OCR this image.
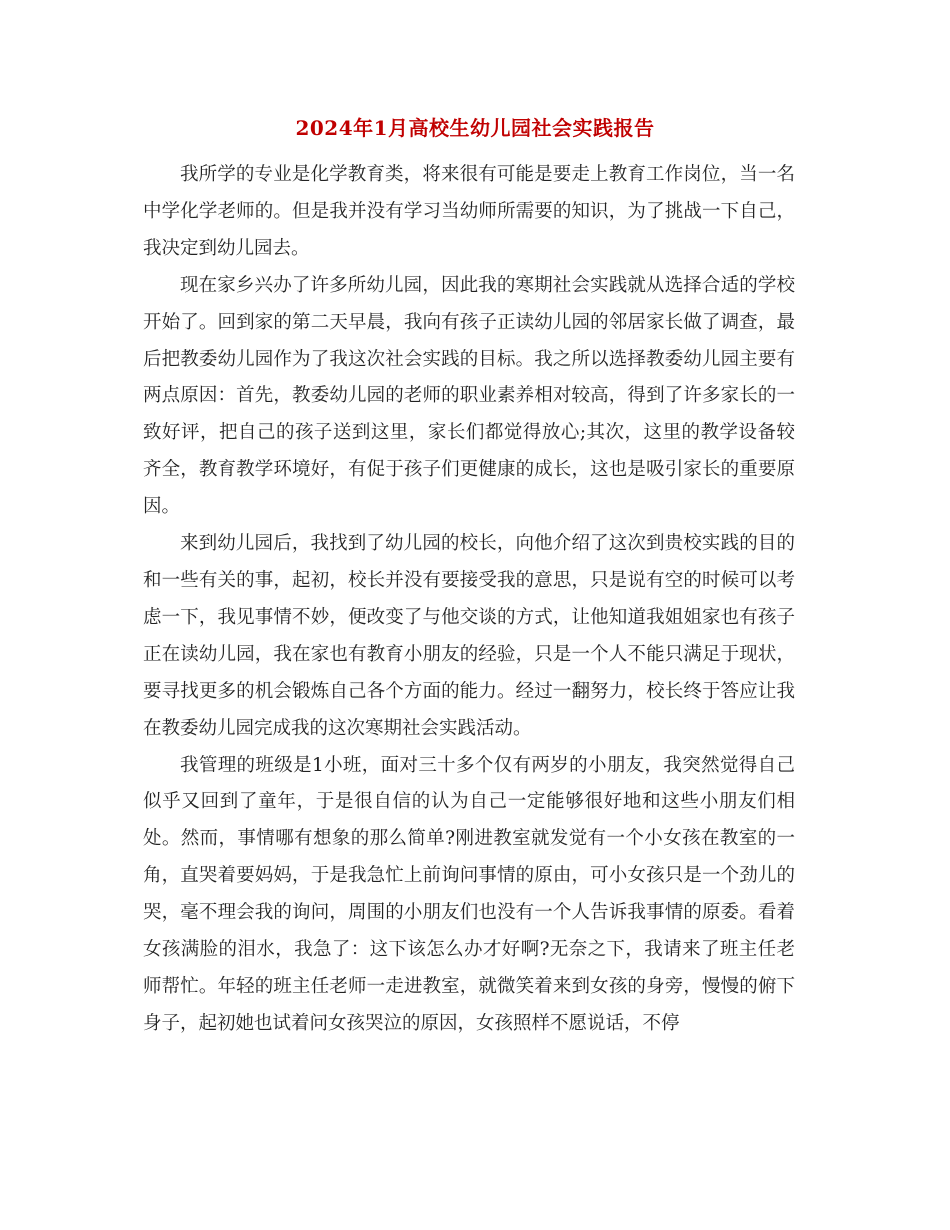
2024年1月高校生幼儿园社会实践报告

我所学的专业是化学教育类，将来很有可能是要走上教育工作岗位，当一名中学化学老师的。但是我并没有学习当幼师所需要的知识，为了挑战一下自己，我决定到幼儿园去。

现在家乡兴办了许多所幼儿园，因此我的寒期社会实践就从选择合适的学校开始了。回到家的第二天早晨，我向有孩子正读幼儿园的邻居家长做了调查，最后把教委幼儿园作为了我这次社会实践的目标。我之所以选择教委幼儿园主要有两点原因：首先，教委幼儿园的老师的职业素养相对较高，得到了许多家长的一致好评，把自己的孩子送到这里，家长们都觉得放心;其次，这里的教学设备较齐全，教育教学环境好，有促于孩子们更健康的成长，这也是吸引家长的重要原因。

来到幼儿园后，我找到了幼儿园的校长，向他介绍了这次到贵校实践的目的和一些有关的事，起初，校长并没有要接受我的意思，只是说有空的时候可以考虑一下，我见事情不妙，便改变了与他交谈的方式，让他知道我姐姐家也有孩子正在读幼儿园，我在家也有教育小朋友的经验，只是一个人不能只满足于现状，要寻找更多的机会锻炼自己各个方面的能力。经过一翻努力，校长终于答应让我在教委幼儿园完成我的这次寒期社会实践活动。

我管理的班级是1小班，面对三十多个仅有两岁的小朋友，我突然觉得自己似乎又回到了童年，于是很自信的认为自己一定能够很好地和这些小朋友们相处。然而，事情哪有想象的那么简单?刚进教室就发觉有一个小女孩在教室的一角，直哭着要妈妈，于是我急忙上前询问事情的原由，可小女孩只是一个劲儿的哭，毫不理会我的询问，周围的小朋友们也没有一个人告诉我事情的原委。看着女孩满脸的泪水，我急了：这下该怎么办才好啊?无奈之下，我请来了班主任老师帮忙。年轻的班主任老师一走进教室，就微笑着来到女孩的身旁，慢慢的俯下身子，起初她也试着问女孩哭泣的原因，女孩照样不愿说话，不停
